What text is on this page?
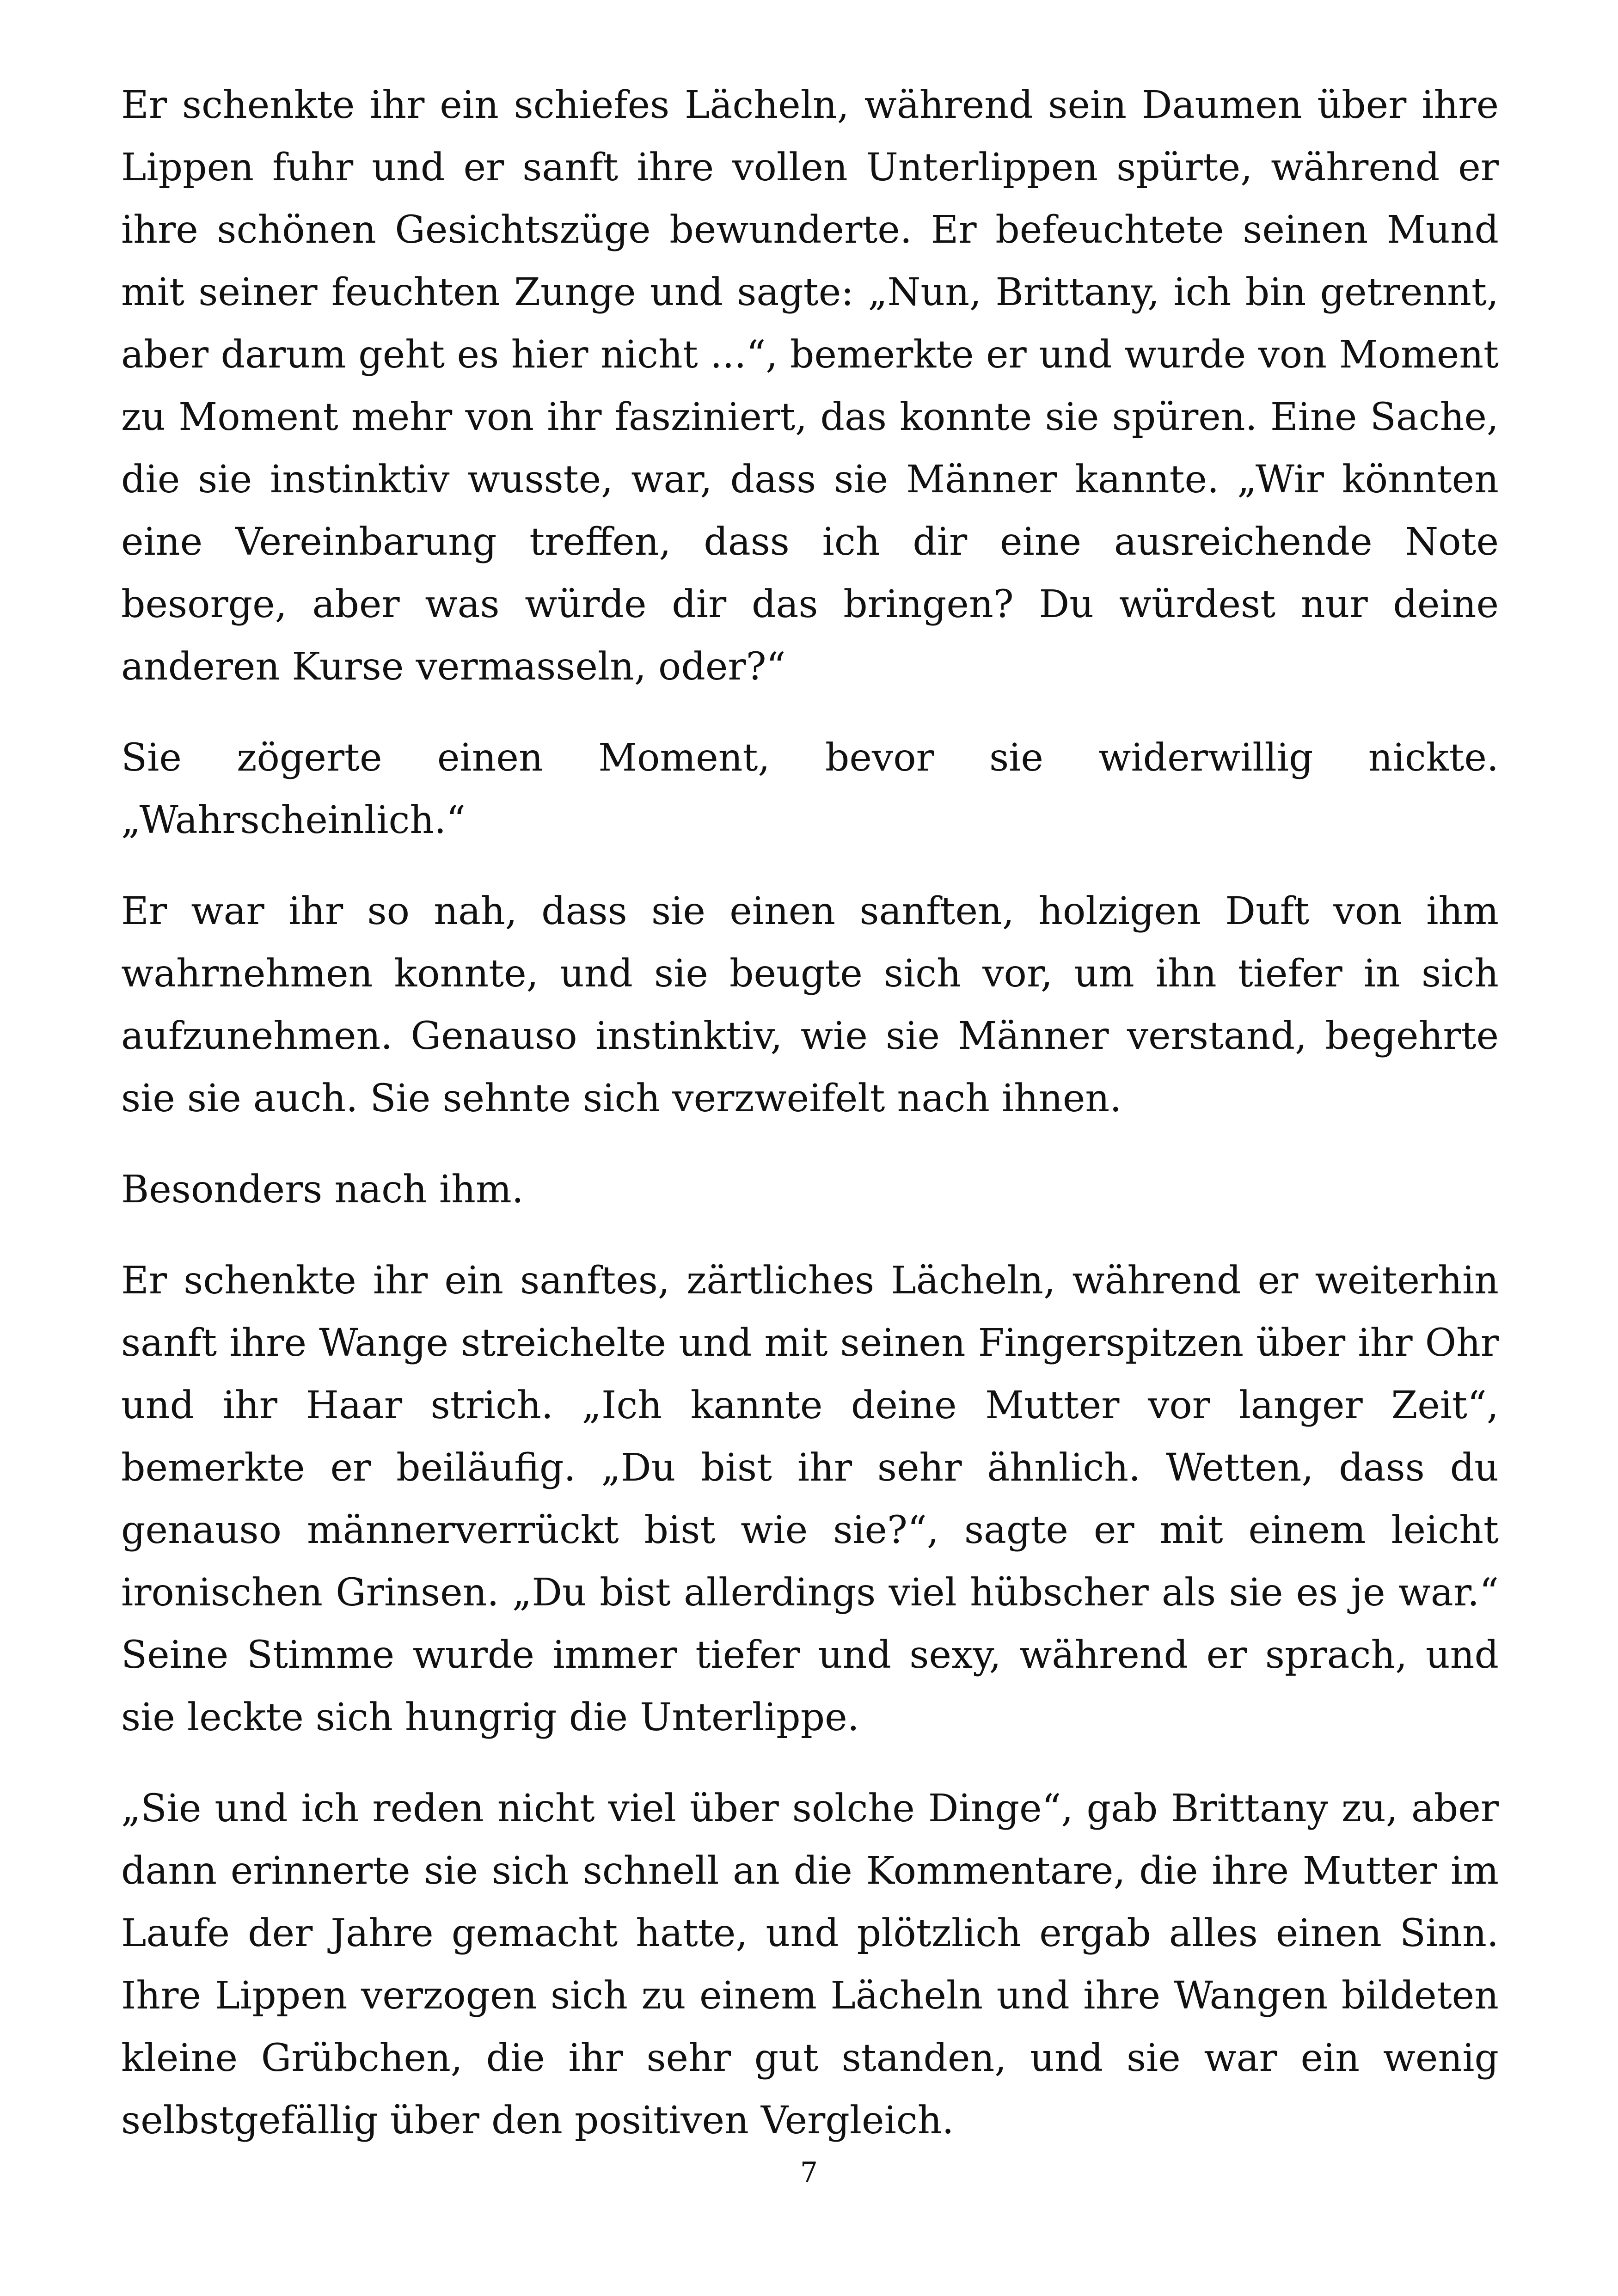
Er schenkte ihr ein schiefes Lächeln, während sein Daumen über ihre Lippen fuhr und er sanft ihre vollen Unterlippen spürte, während er ihre schönen Gesichtszüge bewunderte. Er befeuchtete seinen Mund mit seiner feuchten Zunge und sagte: „Nun, Brittany, ich bin getrennt, aber darum geht es hier nicht ...“, bemerkte er und wurde von Moment zu Moment mehr von ihr fasziniert, das konnte sie spüren. Eine Sache, die sie instinktiv wusste, war, dass sie Männer kannte. „Wir könnten eine Vereinbarung treffen, dass ich dir eine ausreichende Note besorge, aber was würde dir das bringen? Du würdest nur deine anderen Kurse vermasseln, oder?“

Sie zögerte einen Moment, bevor sie widerwillig nickte. „Wahrscheinlich.“

Er war ihr so nah, dass sie einen sanften, holzigen Duft von ihm wahrnehmen konnte, und sie beugte sich vor, um ihn tiefer in sich aufzunehmen. Genauso instinktiv, wie sie Männer verstand, begehrte sie sie auch. Sie sehnte sich verzweifelt nach ihnen.

Besonders nach ihm.

Er schenkte ihr ein sanftes, zärtliches Lächeln, während er weiterhin sanft ihre Wange streichelte und mit seinen Fingerspitzen über ihr Ohr und ihr Haar strich. „Ich kannte deine Mutter vor langer Zeit“, bemerkte er beiläufig. „Du bist ihr sehr ähnlich. Wetten, dass du genauso männerverrückt bist wie sie?“, sagte er mit einem leicht ironischen Grinsen. „Du bist allerdings viel hübscher als sie es je war.“ Seine Stimme wurde immer tiefer und sexy, während er sprach, und sie leckte sich hungrig die Unterlippe.

„Sie und ich reden nicht viel über solche Dinge“, gab Brittany zu, aber dann erinnerte sie sich schnell an die Kommentare, die ihre Mutter im Laufe der Jahre gemacht hatte, und plötzlich ergab alles einen Sinn. Ihre Lippen verzogen sich zu einem Lächeln und ihre Wangen bildeten kleine Grübchen, die ihr sehr gut standen, und sie war ein wenig selbstgefällig über den positiven Vergleich.

7
